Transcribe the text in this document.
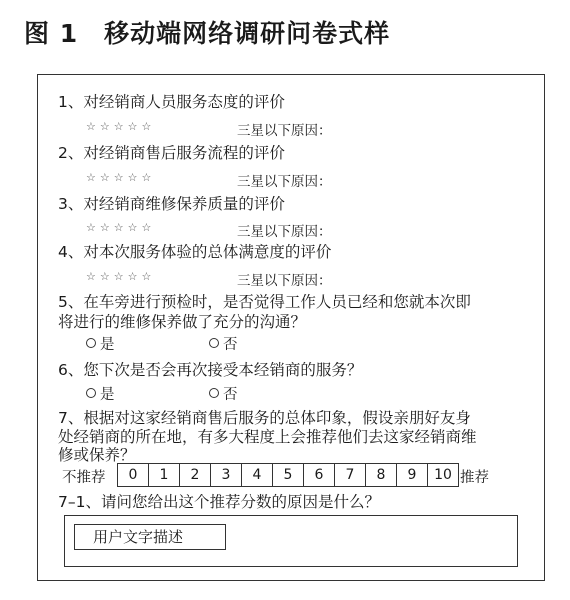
图 1 移动端网络调研问卷式样
1、对经销商人员服务态度的评价
☆☆☆☆☆	三星以下原因：
2、对经销商售后服务流程的评价
☆☆☆☆☆	三星以下原因：
3、对经销商维修保养质量的评价
☆☆☆☆☆	三星以下原因：
4、对本次服务体验的总体满意度的评价
☆☆☆☆☆	三星以下原因：
5、在车旁进行预检时，是否觉得工作人员已经和您就本次即
将进行的维修保养做了充分的沟通？
是	否
6、您下次是否会再次接受本经销商的服务？
是	否
7、根据对这家经销商售后服务的总体印象，假设亲朋好友身
处经销商的所在地，有多大程度上会推荐他们去这家经销商维
修或保养？
不推荐	0	1	2	3	4	5	6	7	8	9	10 推荐
7–1、请问您给出这个推荐分数的原因是什么？
用户文字描述
